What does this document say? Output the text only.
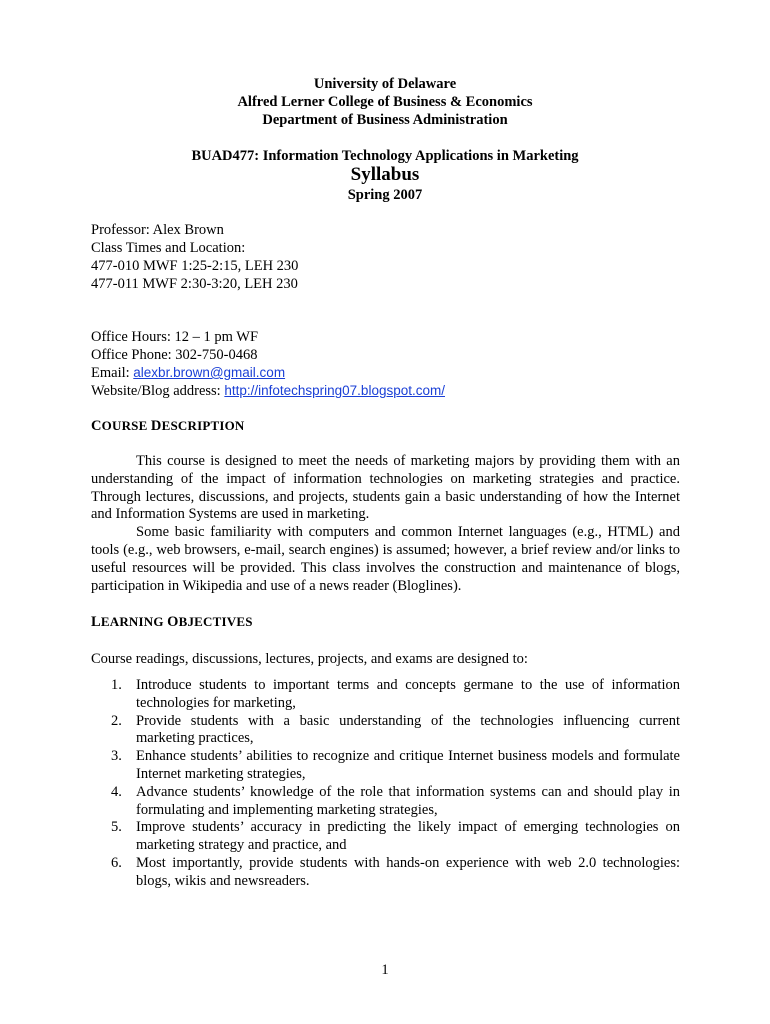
University of Delaware
Alfred Lerner College of Business & Economics
Department of Business Administration
BUAD477: Information Technology Applications in Marketing
Syllabus
Spring 2007
Professor: Alex Brown
Class Times and Location:
477-010 MWF 1:25-2:15, LEH 230
477-011 MWF 2:30-3:20, LEH 230
Office Hours: 12 – 1 pm WF
Office Phone: 302-750-0468
Email: alexbr.brown@gmail.com
Website/Blog address: http://infotechspring07.blogspot.com/
COURSE DESCRIPTION

This course is designed to meet the needs of marketing majors by providing them with an understanding of the impact of information technologies on marketing strategies and practice. Through lectures, discussions, and projects, students gain a basic understanding of how the Internet and Information Systems are used in marketing.

Some basic familiarity with computers and common Internet languages (e.g., HTML) and tools (e.g., web browsers, e-mail, search engines) is assumed; however, a brief review and/or links to useful resources will be provided. This class involves the construction and maintenance of blogs, participation in Wikipedia and use of a news reader (Bloglines).

LEARNING OBJECTIVES
Course readings, discussions, lectures, projects, and exams are designed to:
1. Introduce students to important terms and concepts germane to the use of information technologies for marketing,
2. Provide students with a basic understanding of the technologies influencing current marketing practices,
3. Enhance students’ abilities to recognize and critique Internet business models and formulate Internet marketing strategies,
4. Advance students’ knowledge of the role that information systems can and should play in formulating and implementing marketing strategies,
5. Improve students’ accuracy in predicting the likely impact of emerging technologies on marketing strategy and practice, and
6. Most importantly, provide students with hands-on experience with web 2.0 technologies: blogs, wikis and newsreaders.
1
